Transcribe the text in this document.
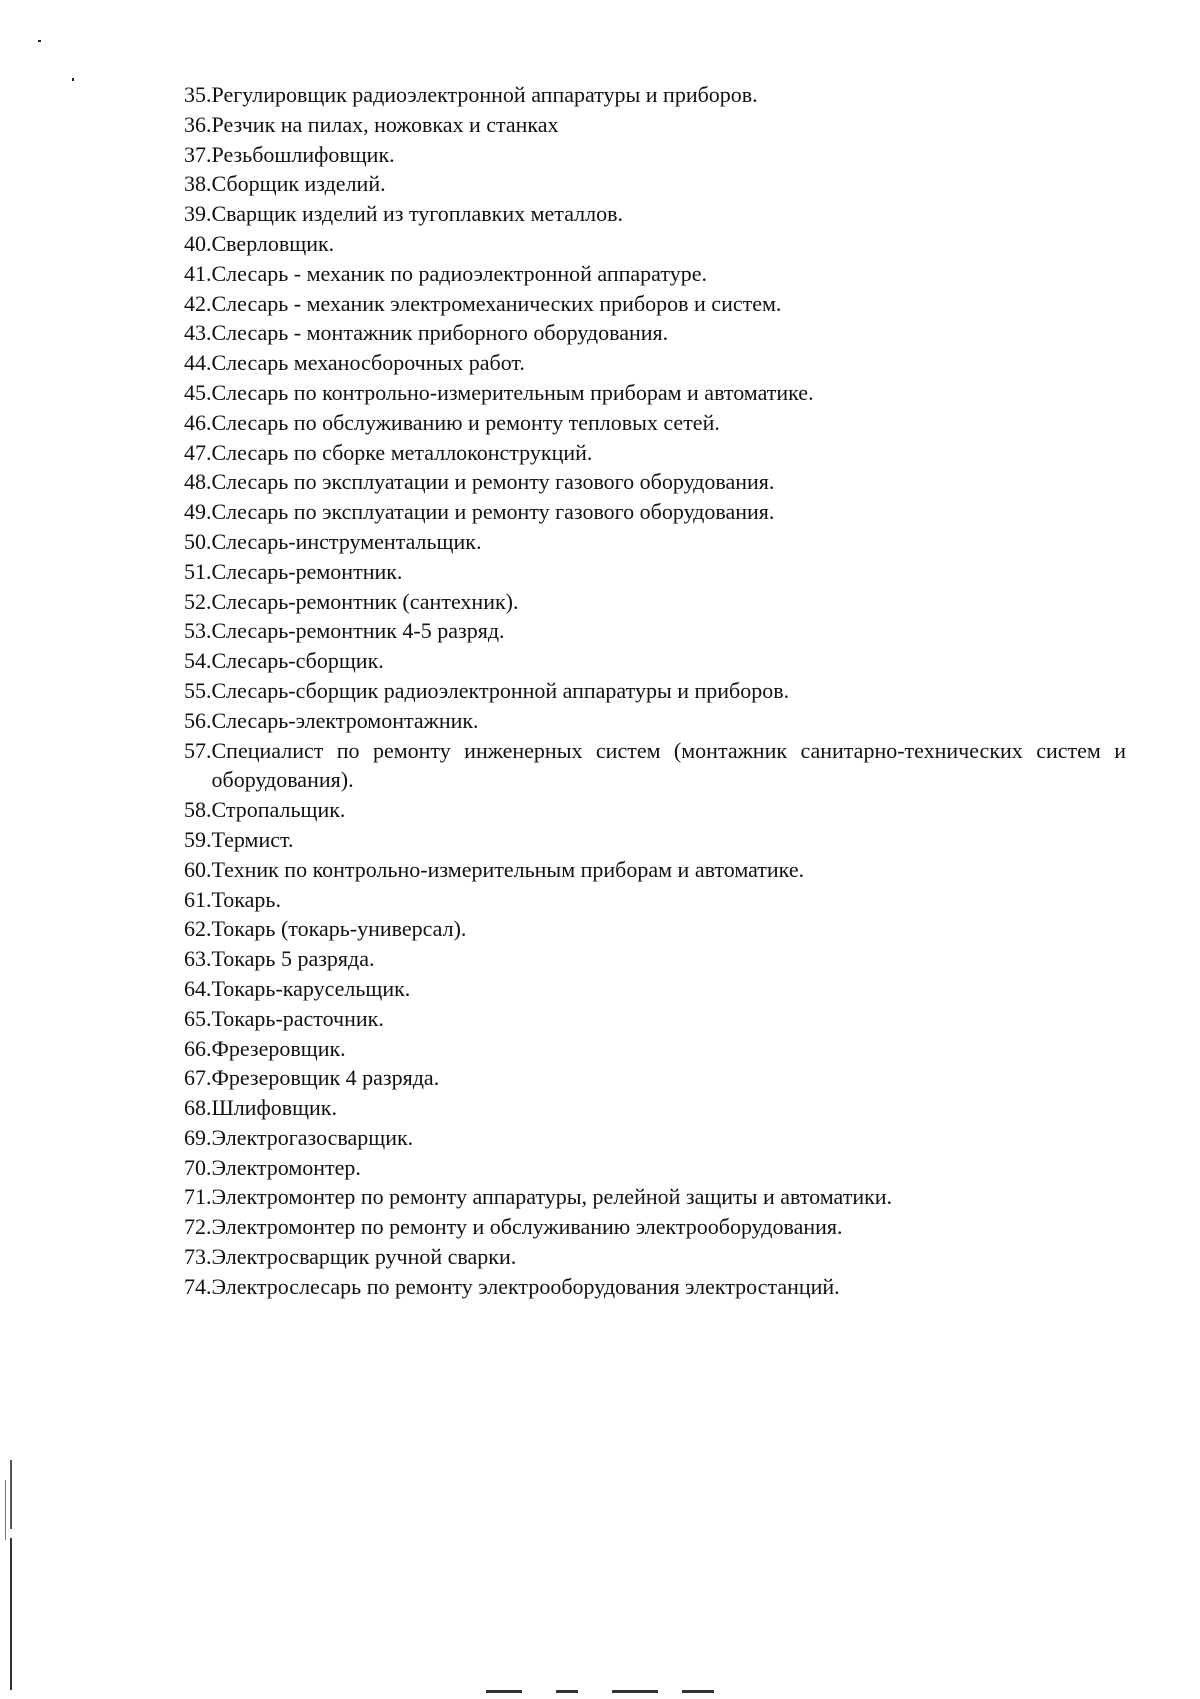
35. Регулировщик радиоэлектронной аппаратуры и приборов.
36. Резчик на пилах, ножовках и станках
37. Резьбошлифовщик.
38. Сборщик изделий.
39. Сварщик изделий из тугоплавких металлов.
40. Сверловщик.
41. Слесарь - механик по радиоэлектронной аппаратуре.
42. Слесарь - механик электромеханических приборов и систем.
43. Слесарь - монтажник приборного оборудования.
44. Слесарь механосборочных работ.
45. Слесарь по контрольно-измерительным приборам и автоматике.
46. Слесарь по обслуживанию и ремонту тепловых сетей.
47. Слесарь по сборке металлоконструкций.
48. Слесарь по эксплуатации и ремонту газового оборудования.
49. Слесарь по эксплуатации и ремонту газового оборудования.
50. Слесарь-инструментальщик.
51. Слесарь-ремонтник.
52. Слесарь-ремонтник (сантехник).
53. Слесарь-ремонтник 4-5 разряд.
54. Слесарь-сборщик.
55. Слесарь-сборщик радиоэлектронной аппаратуры и приборов.
56. Слесарь-электромонтажник.
57. Специалист по ремонту инженерных систем (монтажник санитарно-технических систем и оборудования).
58. Стропальщик.
59. Термист.
60. Техник по контрольно-измерительным приборам и автоматике.
61. Токарь.
62. Токарь (токарь-универсал).
63. Токарь 5 разряда.
64. Токарь-карусельщик.
65. Токарь-расточник.
66. Фрезеровщик.
67. Фрезеровщик 4 разряда.
68. Шлифовщик.
69. Электрогазосварщик.
70. Электромонтер.
71. Электромонтер по ремонту аппаратуры, релейной защиты и автоматики.
72. Электромонтер по ремонту и обслуживанию электрооборудования.
73. Электросварщик ручной сварки.
74. Электрослесарь по ремонту электрооборудования электростанций.
